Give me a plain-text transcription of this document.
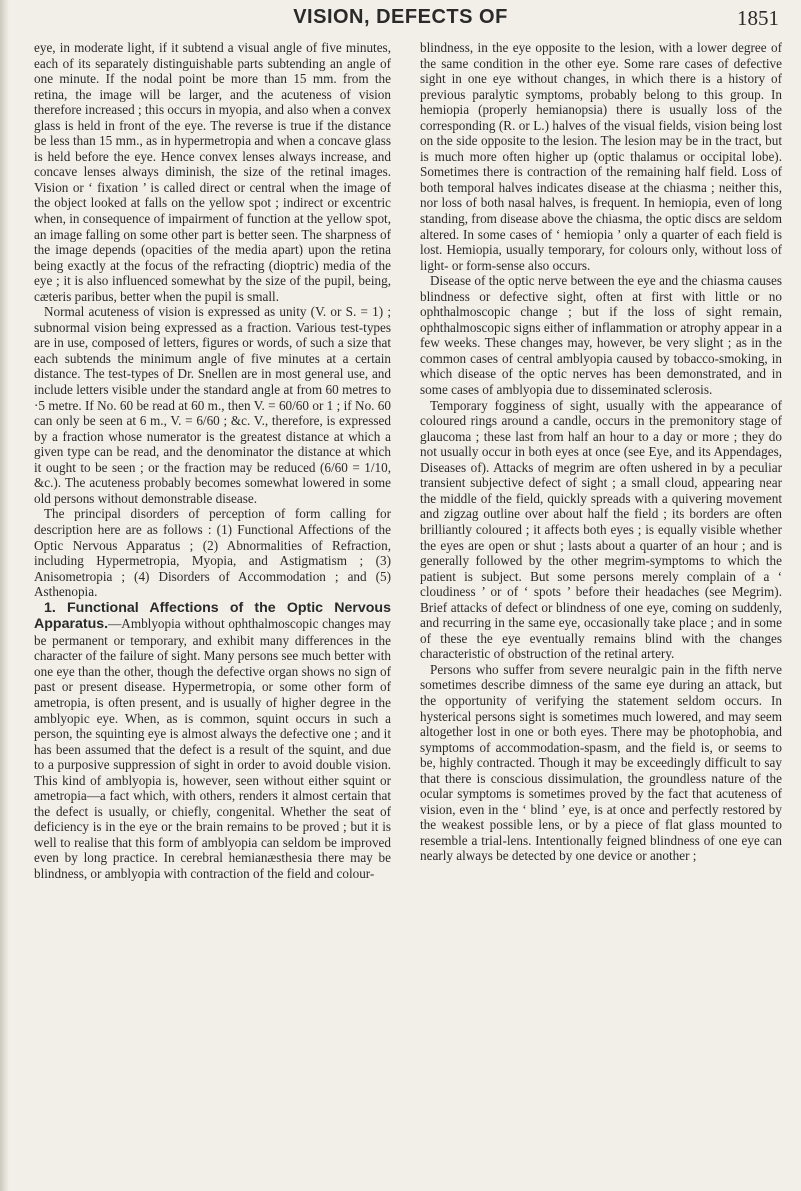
VISION, DEFECTS OF	1851

eye, in moderate light, if it subtend a visual angle of five minutes, each of its separately distinguishable parts subtending an angle of one minute. If the nodal point be more than 15 mm. from the retina, the image will be larger, and the acuteness of vision therefore increased ; this occurs in myopia, and also when a convex glass is held in front of the eye. The reverse is true if the distance be less than 15 mm., as in hypermetropia and when a concave glass is held before the eye. Hence convex lenses always increase, and concave lenses always diminish, the size of the retinal images. Vision or ‘ fixation ’ is called direct or central when the image of the object looked at falls on the yellow spot ; indirect or excentric when, in consequence of impairment of function at the yellow spot, an image falling on some other part is better seen. The sharpness of the image depends (opacities of the media apart) upon the retina being exactly at the focus of the refracting (dioptric) media of the eye ; it is also influenced somewhat by the size of the pupil, being, cæteris paribus, better when the pupil is small.

Normal acuteness of vision is expressed as unity (V. or S. = 1) ; subnormal vision being expressed as a fraction. Various test-types are in use, composed of letters, figures or words, of such a size that each subtends the minimum angle of five minutes at a certain distance. The test-types of Dr. Snellen are in most general use, and include letters visible under the standard angle at from 60 metres to ·5 metre. If No. 60 be read at 60 m., then V. = 60/60 or 1 ; if No. 60 can only be seen at 6 m., V. = 6/60 ; &c. V., therefore, is expressed by a fraction whose numerator is the greatest distance at which a given type can be read, and the denominator the distance at which it ought to be seen ; or the fraction may be reduced (6/60 = 1/10, &c.). The acuteness probably becomes somewhat lowered in some old persons without demonstrable disease.

The principal disorders of perception of form calling for description here are as follows : (1) Functional Affections of the Optic Nervous Apparatus ; (2) Abnormalities of Refraction, including Hypermetropia, Myopia, and Astigmatism ; (3) Anisometropia ; (4) Disorders of Accommodation ; and (5) Asthenopia.

1. Functional Affections of the Optic Nervous Apparatus.—Amblyopia without ophthalmoscopic changes may be permanent or temporary, and exhibit many differences in the character of the failure of sight. Many persons see much better with one eye than the other, though the defective organ shows no sign of past or present disease. Hypermetropia, or some other form of ametropia, is often present, and is usually of higher degree in the amblyopic eye. When, as is common, squint occurs in such a person, the squinting eye is almost always the defective one ; and it has been assumed that the defect is a result of the squint, and due to a purposive suppression of sight in order to avoid double vision. This kind of amblyopia is, however, seen without either squint or ametropia—a fact which, with others, renders it almost certain that the defect is usually, or chiefly, congenital. Whether the seat of deficiency is in the eye or the brain remains to be proved ; but it is well to realise that this form of amblyopia can seldom be improved even by long practice. In cerebral hemianæsthesia there may be blindness, or amblyopia with contraction of the field and colour-

blindness, in the eye opposite to the lesion, with a lower degree of the same condition in the other eye. Some rare cases of defective sight in one eye without changes, in which there is a history of previous paralytic symptoms, probably belong to this group. In hemiopia (properly hemianopsia) there is usually loss of the corresponding (R. or L.) halves of the visual fields, vision being lost on the side opposite to the lesion. The lesion may be in the tract, but is much more often higher up (optic thalamus or occipital lobe). Sometimes there is contraction of the remaining half field. Loss of both temporal halves indicates disease at the chiasma ; neither this, nor loss of both nasal halves, is frequent. In hemiopia, even of long standing, from disease above the chiasma, the optic discs are seldom altered. In some cases of ‘ hemiopia ’ only a quarter of each field is lost. Hemiopia, usually temporary, for colours only, without loss of light- or form-sense also occurs.

Disease of the optic nerve between the eye and the chiasma causes blindness or defective sight, often at first with little or no ophthalmoscopic change ; but if the loss of sight remain, ophthalmoscopic signs either of inflammation or atrophy appear in a few weeks. These changes may, however, be very slight ; as in the common cases of central amblyopia caused by tobacco-smoking, in which disease of the optic nerves has been demonstrated, and in some cases of amblyopia due to disseminated sclerosis.

Temporary fogginess of sight, usually with the appearance of coloured rings around a candle, occurs in the premonitory stage of glaucoma ; these last from half an hour to a day or more ; they do not usually occur in both eyes at once (see Eye, and its Appendages, Diseases of). Attacks of megrim are often ushered in by a peculiar transient subjective defect of sight ; a small cloud, appearing near the middle of the field, quickly spreads with a quivering movement and zigzag outline over about half the field ; its borders are often brilliantly coloured ; it affects both eyes ; is equally visible whether the eyes are open or shut ; lasts about a quarter of an hour ; and is generally followed by the other megrim-symptoms to which the patient is subject. But some persons merely complain of a ‘ cloudiness ’ or of ‘ spots ’ before their headaches (see Megrim). Brief attacks of defect or blindness of one eye, coming on suddenly, and recurring in the same eye, occasionally take place ; and in some of these the eye eventually remains blind with the changes characteristic of obstruction of the retinal artery.

Persons who suffer from severe neuralgic pain in the fifth nerve sometimes describe dimness of the same eye during an attack, but the opportunity of verifying the statement seldom occurs. In hysterical persons sight is sometimes much lowered, and may seem altogether lost in one or both eyes. There may be photophobia, and symptoms of accommodation-spasm, and the field is, or seems to be, highly contracted. Though it may be exceedingly difficult to say that there is conscious dissimulation, the groundless nature of the ocular symptoms is sometimes proved by the fact that acuteness of vision, even in the ‘ blind ’ eye, is at once and perfectly restored by the weakest possible lens, or by a piece of flat glass mounted to resemble a trial-lens. Intentionally feigned blindness of one eye can nearly always be detected by one device or another ;
